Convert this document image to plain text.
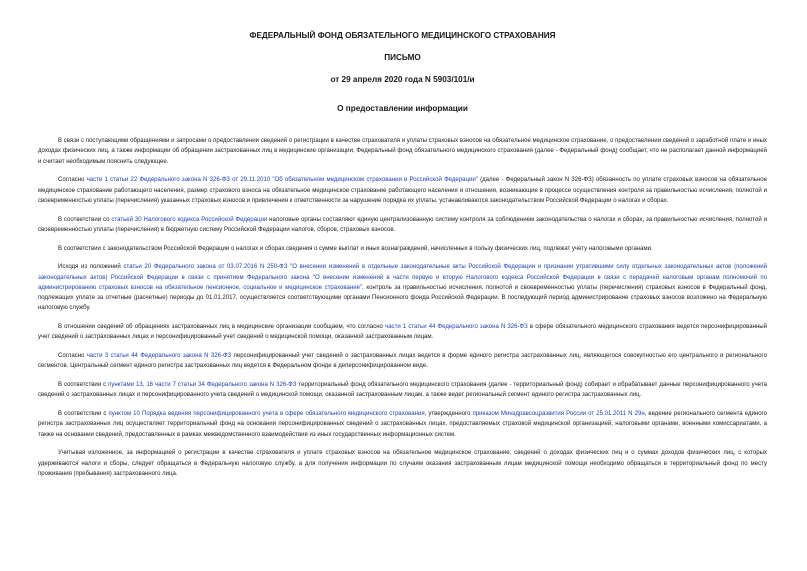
ФЕДЕРАЛЬНЫЙ ФОНД ОБЯЗАТЕЛЬНОГО МЕДИЦИНСКОГО СТРАХОВАНИЯ
ПИСЬМО
от 29 апреля 2020 года N 5903/101/и
О предоставлении информации

В связи с поступающими обращениями и запросами о предоставлении сведений о регистрации в качестве страхователя и уплаты страховых взносов на обязательное медицинское страхование, о предоставлении сведений о заработной плате и иных доходах физических лиц, а также информации об обращении застрахованных лиц в медицинские организации, Федеральный фонд обязательного медицинского страхования (далее - Федеральный фонд) сообщает, что не располагает данной информацией и считает необходимым пояснить следующее.

Согласно части 1 статьи 22 Федерального закона N 326-ФЗ от 29.11.2010 "Об обязательном медицинском страховании в Российской Федерации" (далее - Федеральный закон N 326-ФЗ) обязанность по уплате страховых взносов на обязательное медицинское страхование работающего населения, размер страхового взноса на обязательное медицинское страхование работающего населения и отношения, возникающие в процессе осуществления контроля за правильностью исчисления, полнотой и своевременностью уплаты (перечисления) указанных страховых взносов и привлечения к ответственности за нарушение порядка их уплаты, устанавливаются законодательством Российской Федерации о налогах и сборах.

В соответствии со статьей 30 Налогового кодекса Российской Федерации налоговые органы составляют единую централизованную систему контроля за соблюдением законодательства о налогах и сборах, за правильностью исчисления, полнотой и своевременностью уплаты (перечисления) в бюджетную систему Российской Федерации налогов, сборов, страховых взносов.

В соответствии с законодательством Российской Федерации о налогах и сборах сведения о сумме выплат и иных вознаграждений, начисленных в пользу физических лиц, подлежат учету налоговыми органами.

Исходя из положений статьи 20 Федерального закона от 03.07.2016 N 250-ФЗ "О внесении изменений в отдельные законодательные акты Российской Федерации и признании утратившими силу отдельных законодательных актов (положений законодательных актов) Российской Федерации в связи с принятием Федерального закона "О внесении изменений в части первую и вторую Налогового кодекса Российской Федерации в связи с передачей налоговым органам полномочий по администрированию страховых взносов на обязательное пенсионное, социальное и медицинское страхование", контроль за правильностью исчисления, полнотой и своевременностью уплаты (перечисления) страховых взносов в Федеральный фонд, подлежащих уплате за отчетные (расчетные) периоды до 01.01.2017, осуществляется соответствующими органами Пенсионного фонда Российской Федерации. В последующий период администрирование страховых взносов возложено на Федеральную налоговую службу.

В отношении сведений об обращениях застрахованных лиц в медицинские организации сообщаем, что согласно части 1 статьи 44 Федерального закона N 326-ФЗ в сфере обязательного медицинского страхования ведется персонифицированный учет сведений о застрахованных лицах и персонифицированный учет сведений о медицинской помощи, оказанной застрахованным лицам.

Согласно части 3 статьи 44 Федерального закона N 326-ФЗ персонифицированный учет сведений о застрахованных лицах ведется в форме единого регистра застрахованных лиц, являющегося совокупностью его центрального и регионального сегментов. Центральный сегмент единого регистра застрахованных лиц ведется в Федеральном фонде в деперсонифицированном виде.

В соответствии с пунктами 13, 16 части 7 статьи 34 Федерального закона N 326-ФЗ территориальный фонд обязательного медицинского страхования (далее - территориальный фонд) собирает и обрабатывает данные персонифицированного учета сведений о застрахованных лицах и персонифицированного учета сведений о медицинской помощи, оказанной застрахованным лицам, а также ведет региональный сегмент единого регистра застрахованных лиц.

В соответствии с пунктом 10 Порядка ведения персонифицированного учета в сфере обязательного медицинского страхования, утвержденного приказом Минздравсоцразвития России от 25.01.2011 N 29н, ведение регионального сегмента единого регистра застрахованных лиц осуществляет территориальный фонд на основании персонифицированных сведений о застрахованных лицах, предоставляемых страховой медицинской организацией, налоговыми органами, военными комиссариатами, а также на основании сведений, предоставленных в рамках межведомственного взаимодействия из иных государственных информационных систем.

Учитывая изложенное, за информацией о регистрации в качестве страхователя и уплате страховых взносов на обязательное медицинское страхование, сведений о доходах физических лиц и о суммах доходов физических лиц, с которых удерживаются налоги и сборы, следует обращаться в Федеральную налоговую службу, а для получения информации по случаям оказания застрахованным лицам медицинской помощи необходимо обращаться в территориальный фонд по месту проживания (пребывания) застрахованного лица.
